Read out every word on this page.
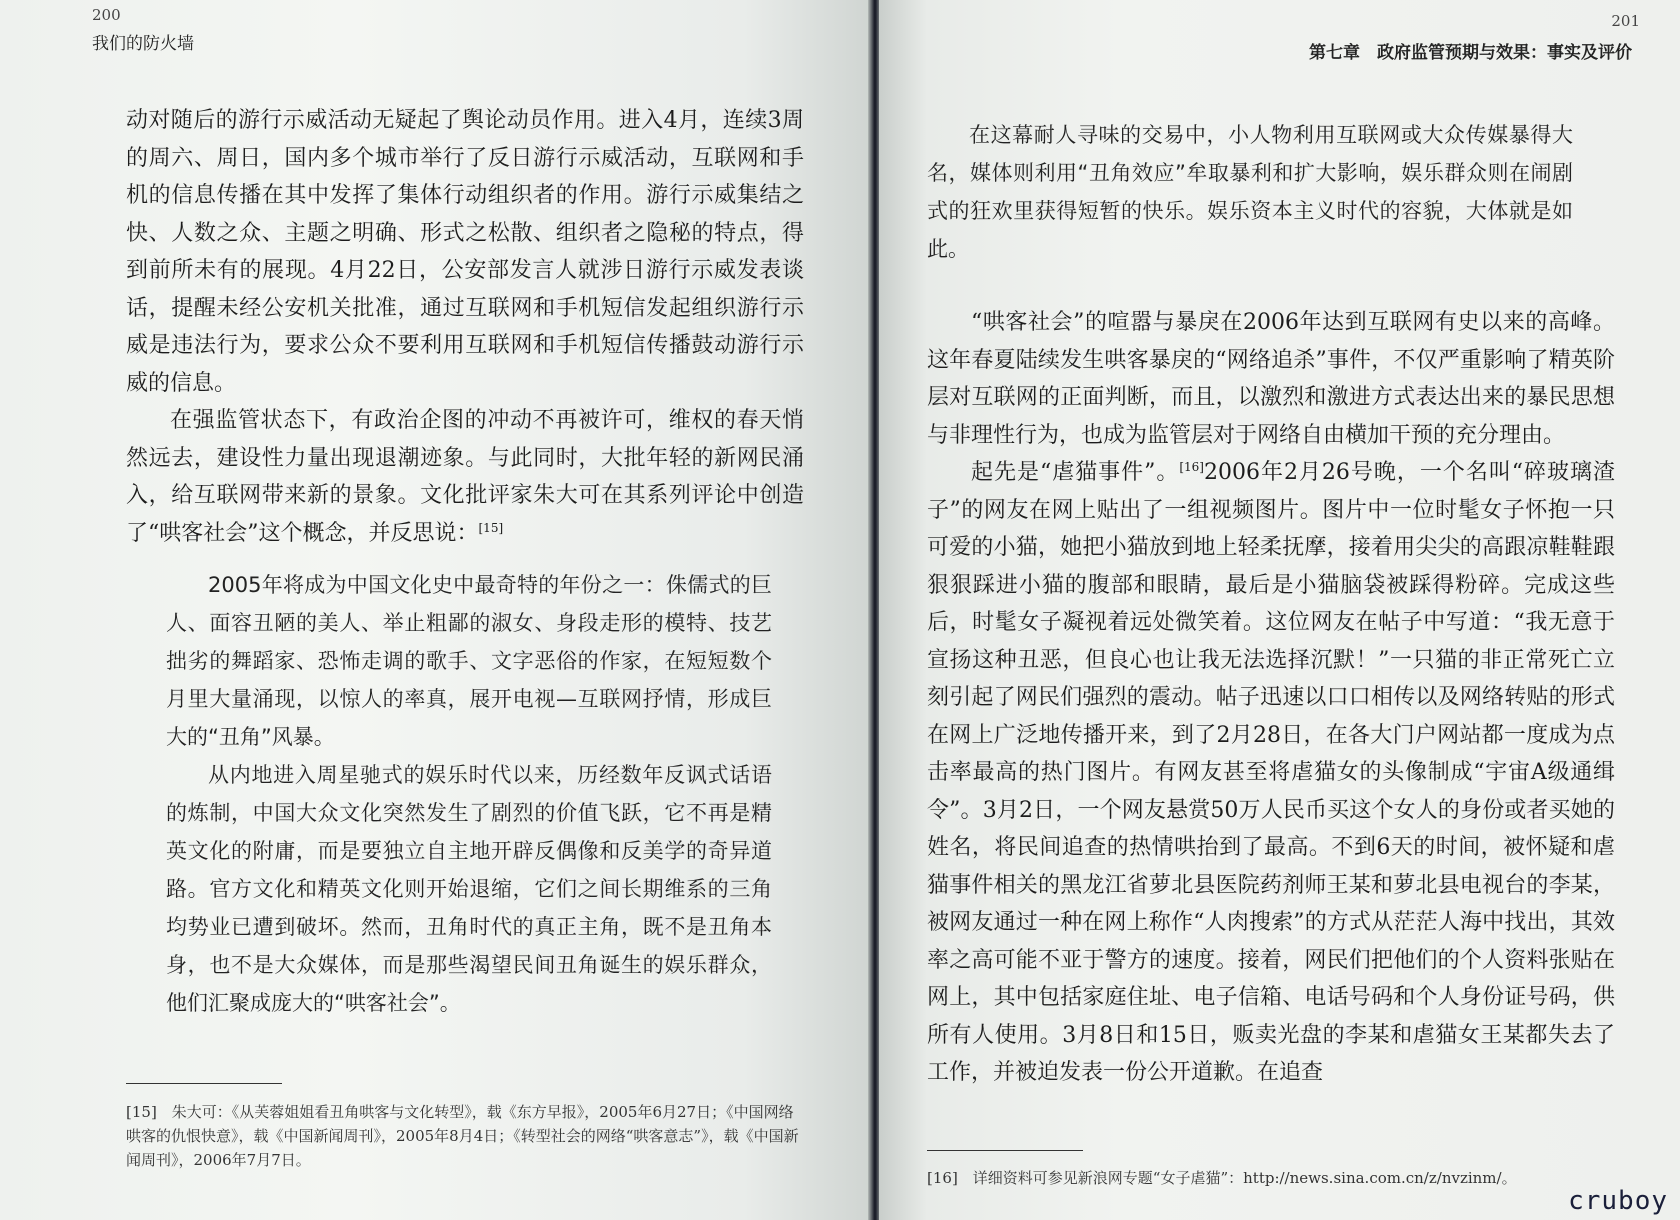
200
我们的防火墙

动对随后的游行示威活动无疑起了舆论动员作用。进入4月，连续3周的周六、周日，国内多个城市举行了反日游行示威活动，互联网和手机的信息传播在其中发挥了集体行动组织者的作用。游行示威集结之快、人数之众、主题之明确、形式之松散、组织者之隐秘的特点，得到前所未有的展现。4月22日，公安部发言人就涉日游行示威发表谈话，提醒未经公安机关批准，通过互联网和手机短信发起组织游行示威是违法行为，要求公众不要利用互联网和手机短信传播鼓动游行示威的信息。

在强监管状态下，有政治企图的冲动不再被许可，维权的春天悄然远去，建设性力量出现退潮迹象。与此同时，大批年轻的新网民涌入，给互联网带来新的景象。文化批评家朱大可在其系列评论中创造了“哄客社会”这个概念，并反思说：[15]

2005年将成为中国文化史中最奇特的年份之一：侏儒式的巨人、面容丑陋的美人、举止粗鄙的淑女、身段走形的模特、技艺拙劣的舞蹈家、恐怖走调的歌手、文字恶俗的作家，在短短数个月里大量涌现，以惊人的率真，展开电视—互联网抒情，形成巨大的“丑角”风暴。

从内地进入周星驰式的娱乐时代以来，历经数年反讽式话语的炼制，中国大众文化突然发生了剧烈的价值飞跃，它不再是精英文化的附庸，而是要独立自主地开辟反偶像和反美学的奇异道路。官方文化和精英文化则开始退缩，它们之间长期维系的三角均势业已遭到破坏。然而，丑角时代的真正主角，既不是丑角本身，也不是大众媒体，而是那些渴望民间丑角诞生的娱乐群众，他们汇聚成庞大的“哄客社会”。

[15]　朱大可：《从芙蓉姐姐看丑角哄客与文化转型》，载《东方早报》，2005年6月27日；《中国网络哄客的仇恨快意》，载《中国新闻周刊》，2005年8月4日；《转型社会的网络“哄客意志”》，载《中国新闻周刊》，2006年7月7日。
201
第七章　政府监管预期与效果：事实及评价

在这幕耐人寻味的交易中，小人物利用互联网或大众传媒暴得大名，媒体则利用“丑角效应”牟取暴利和扩大影响，娱乐群众则在闹剧式的狂欢里获得短暂的快乐。娱乐资本主义时代的容貌，大体就是如此。

“哄客社会”的喧嚣与暴戾在2006年达到互联网有史以来的高峰。这年春夏陆续发生哄客暴戾的“网络追杀”事件，不仅严重影响了精英阶层对互联网的正面判断，而且，以激烈和激进方式表达出来的暴民思想与非理性行为，也成为监管层对于网络自由横加干预的充分理由。

起先是“虐猫事件”。[16]2006年2月26号晚，一个名叫“碎玻璃渣子”的网友在网上贴出了一组视频图片。图片中一位时髦女子怀抱一只可爱的小猫，她把小猫放到地上轻柔抚摩，接着用尖尖的高跟凉鞋鞋跟狠狠踩进小猫的腹部和眼睛，最后是小猫脑袋被踩得粉碎。完成这些后，时髦女子凝视着远处微笑着。这位网友在帖子中写道：“我无意于宣扬这种丑恶，但良心也让我无法选择沉默！”一只猫的非正常死亡立刻引起了网民们强烈的震动。帖子迅速以口口相传以及网络转贴的形式在网上广泛地传播开来，到了2月28日，在各大门户网站都一度成为点击率最高的热门图片。有网友甚至将虐猫女的头像制成“宇宙A级通缉令”。3月2日，一个网友悬赏50万人民币买这个女人的身份或者买她的姓名，将民间追查的热情哄抬到了最高。不到6天的时间，被怀疑和虐猫事件相关的黑龙江省萝北县医院药剂师王某和萝北县电视台的李某，被网友通过一种在网上称作“人肉搜索”的方式从茫茫人海中找出，其效率之高可能不亚于警方的速度。接着，网民们把他们的个人资料张贴在网上，其中包括家庭住址、电子信箱、电话号码和个人身份证号码，供所有人使用。3月8日和15日，贩卖光盘的李某和虐猫女王某都失去了工作，并被迫发表一份公开道歉。在追查

[16]　详细资料可参见新浪网专题“女子虐猫”：http://news.sina.com.cn/z/nvzinm/。
cruboy
